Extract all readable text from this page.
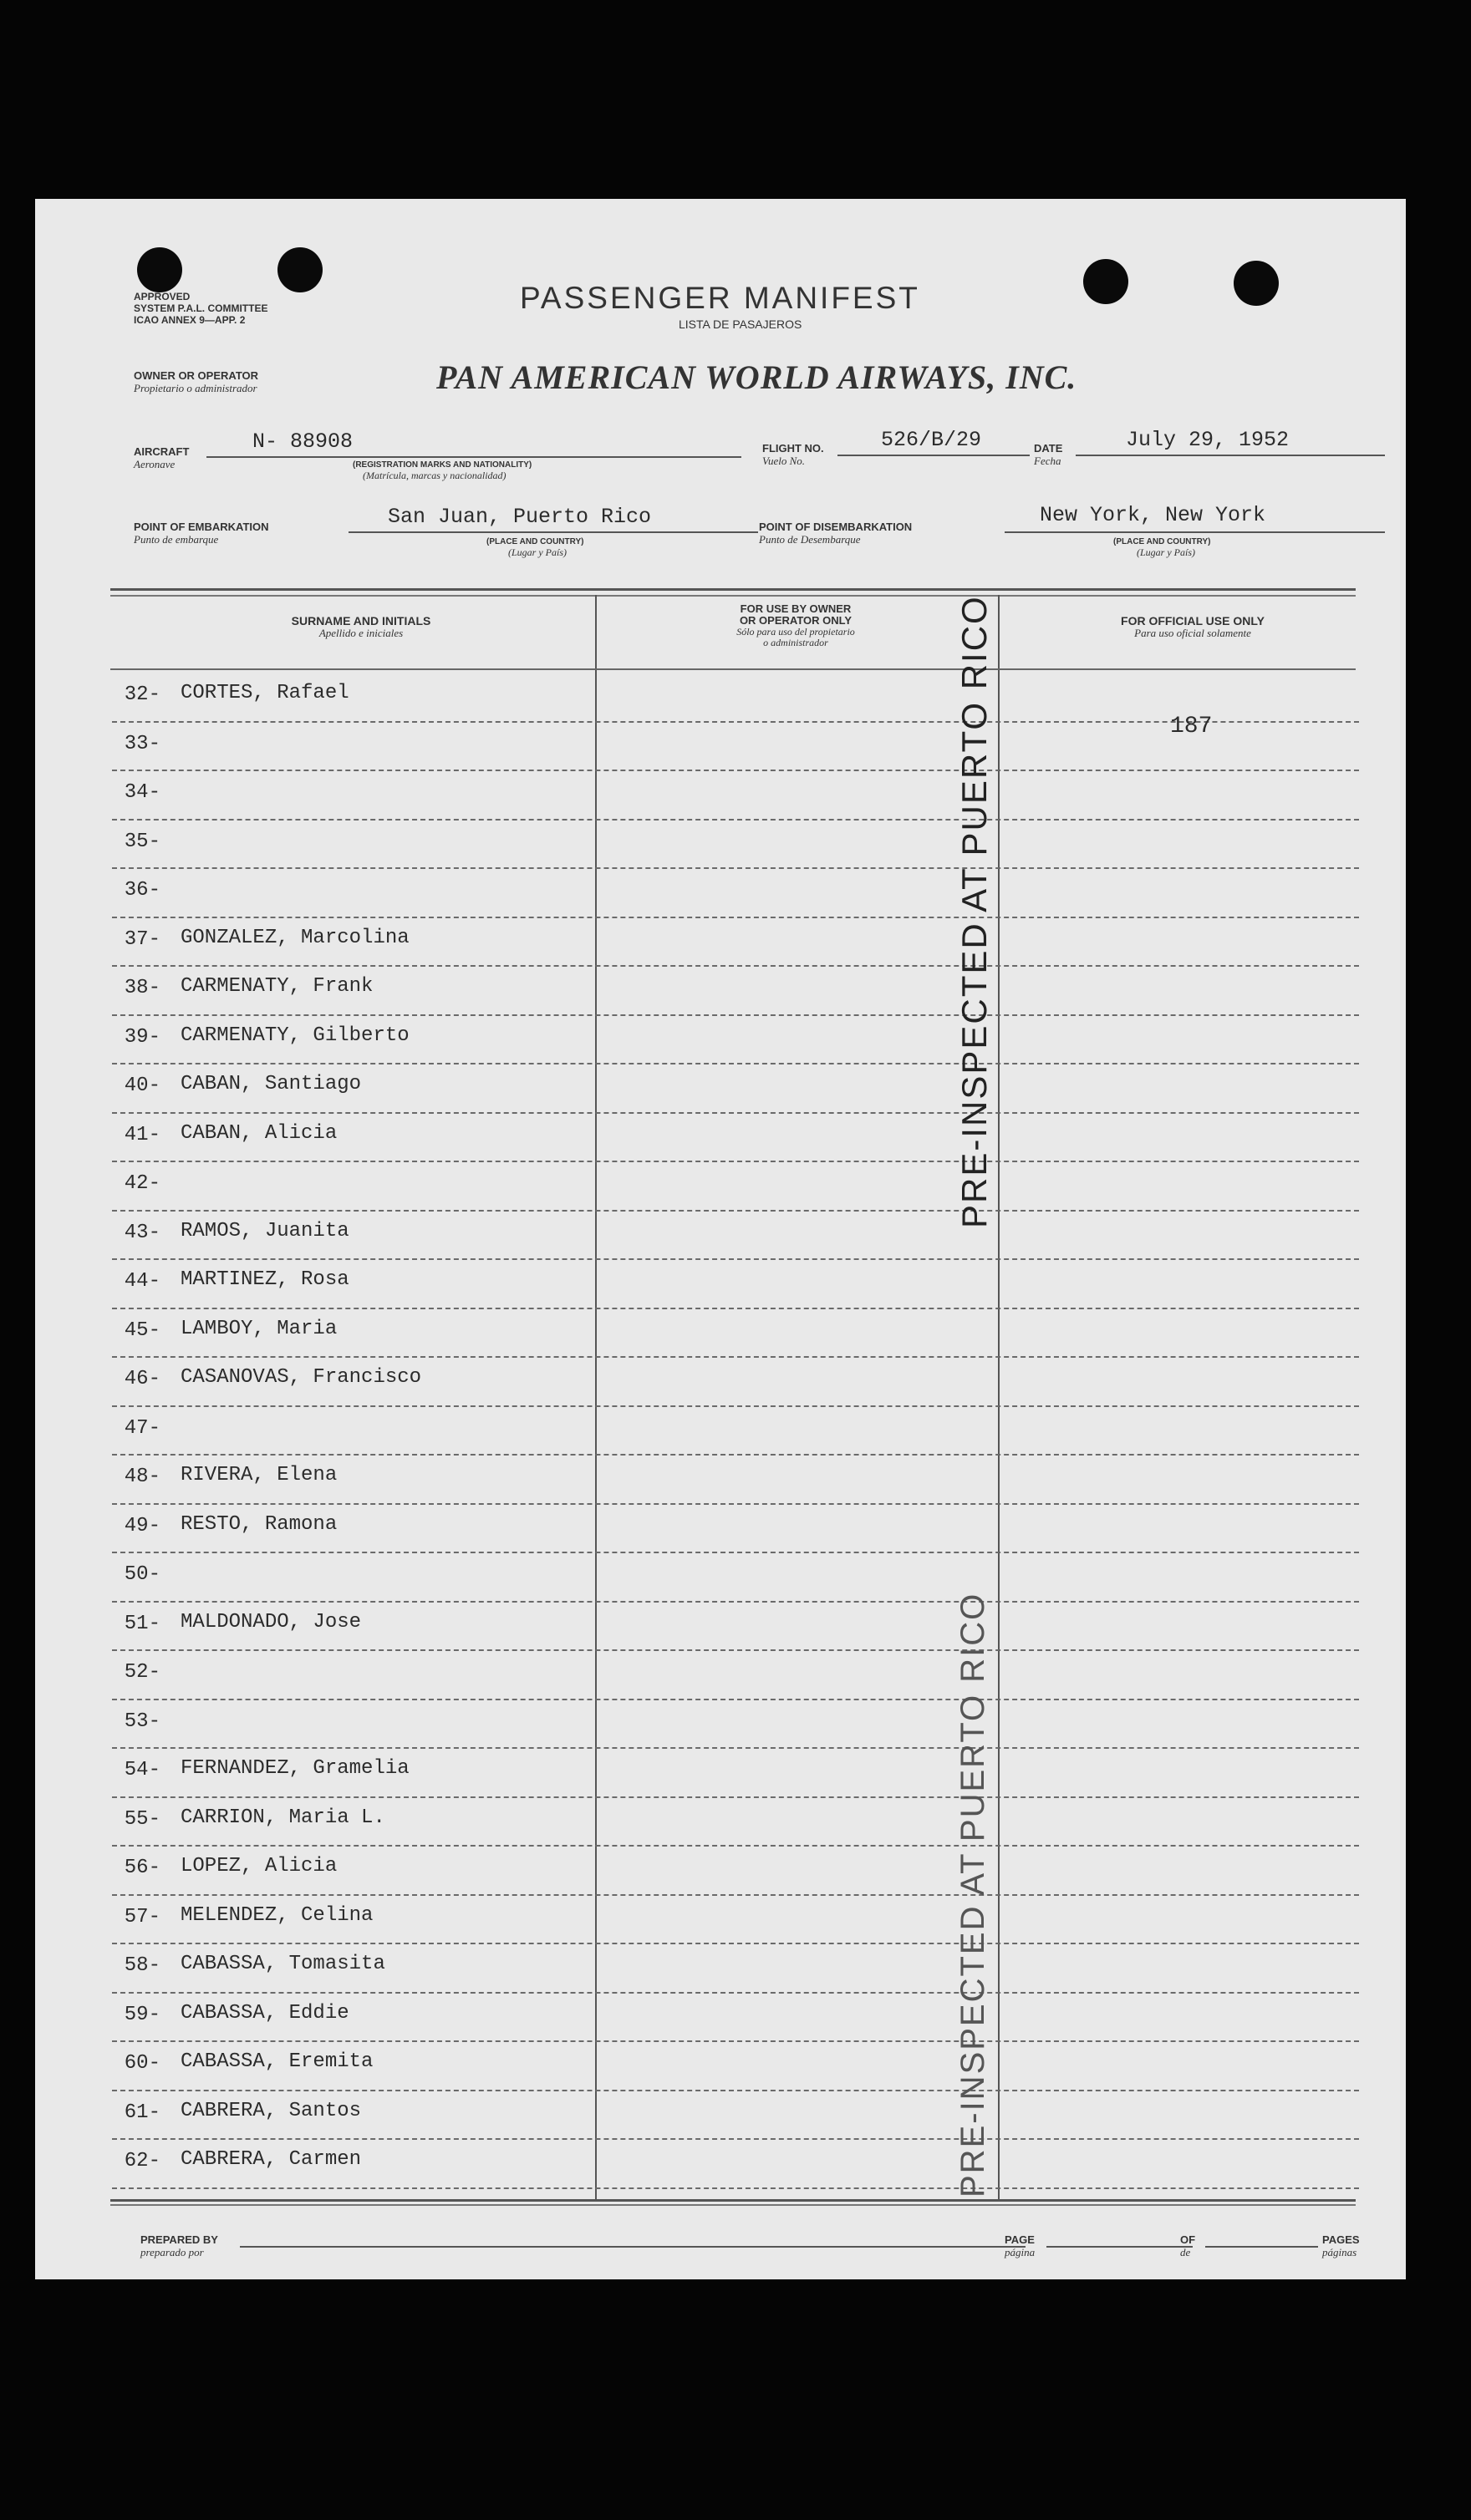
APPROVED
SYSTEM P.A.L. COMMITTEE
ICAO ANNEX 9—APP. 2
PASSENGER MANIFEST
LISTA DE PASAJEROS
OWNER OR OPERATOR
Propietario o administrador	PAN AMERICAN WORLD AIRWAYS, INC.
AIRCRAFT
Aeronave
N- 88908
(REGISTRATION MARKS AND NATIONALITY)
(Matrícula, marcas y nacionalidad)
FLIGHT NO.
Vuelo No.
526/B/29	DATE
Fecha
July 29, 1952
POINT OF EMBARKATION
Punto de embarque
San Juan, Puerto Rico
(PLACE AND COUNTRY)
(Lugar y País)
POINT OF DISEMBARKATION
Punto de Desembarque
New York, New York
(PLACE AND COUNTRY)
(Lugar y País)
SURNAME AND INITIALS
Apellido e iniciales
FOR USE BY OWNER
OR OPERATOR ONLY
Sólo para uso del propietario
o administrador
FOR OFFICIAL USE ONLY
Para uso oficial solamente
32- CORTES, Rafael
33-
34-
35-
36-
37- GONZALEZ, Marcolina
38- CARMENATY, Frank
39- CARMENATY, Gilberto
40- CABAN, Santiago
41- CABAN, Alicia
42-
43- RAMOS, Juanita
44- MARTINEZ, Rosa
45- LAMBOY, Maria
46- CASANOVAS, Francisco
47-
48- RIVERA, Elena
49- RESTO, Ramona
50-
51- MALDONADO, Jose
52-
53-
54- FERNANDEZ, Gramelia
55- CARRION, Maria L.
56- LOPEZ, Alicia
57- MELENDEZ, Celina
58- CABASSA, Tomasita
59- CABASSA, Eddie
60- CABASSA, Eremita
61- CABRERA, Santos
62- CABRERA, Carmen
187
PRE-INSPECTED AT PUERTO RICO
PRE-INSPECTED AT PUERTO RICO
PREPARED BY
preparado por
PAGE
página
OF
de
PAGES
páginas
